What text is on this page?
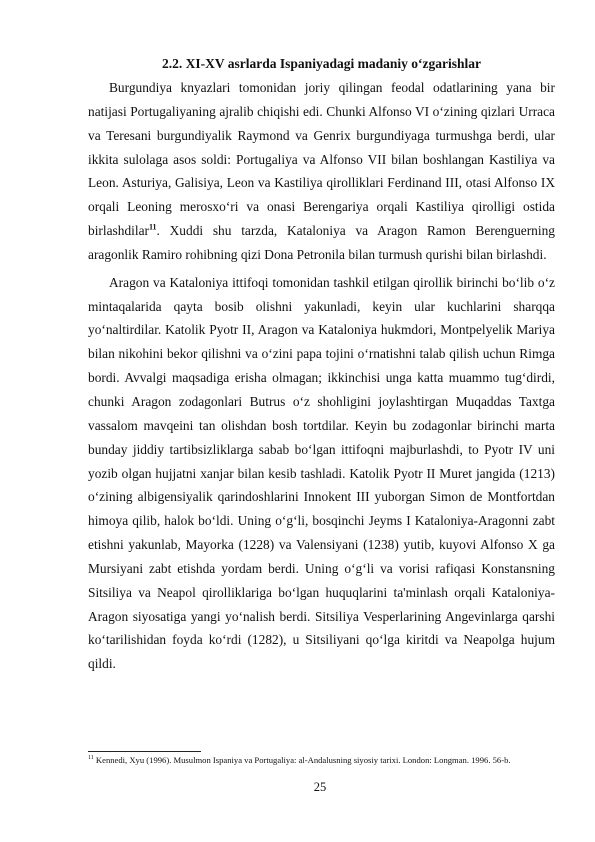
2.2. XI-XV asrlarda Ispaniyadagi madaniy o‘zgarishlar

Burgundiya knyazlari tomonidan joriy qilingan feodal odatlarining yana bir natijasi Portugaliyaning ajralib chiqishi edi. Chunki Alfonso VI o‘zining qizlari Urraca va Teresani burgundiyalik Raymond va Genrix burgundiyaga turmushga berdi, ular ikkita sulolaga asos soldi: Portugaliya va Alfonso VII bilan boshlangan Kastiliya va Leon. Asturiya, Galisiya, Leon va Kastiliya qirolliklari Ferdinand III, otasi Alfonso IX orqali Leoning merosxo‘ri va onasi Berengariya orqali Kastiliya qirolligi ostida birlashdilar$^{11}$. Xuddi shu tarzda, Kataloniya va Aragon Ramon Berenguerning aragonlik Ramiro rohibning qizi Dona Petronila bilan turmush qurishi bilan birlashdi.

Aragon va Kataloniya ittifoqi tomonidan tashkil etilgan qirollik birinchi bo‘lib o‘z mintaqalarida qayta bosib olishni yakunladi, keyin ular kuchlarini sharqqa yo‘naltirdilar. Katolik Pyotr II, Aragon va Kataloniya hukmdori, Montpelyelik Mariya bilan nikohini bekor qilishni va o‘zini papa tojini o‘rnatishni talab qilish uchun Rimga bordi. Avvalgi maqsadiga erisha olmagan; ikkinchisi unga katta muammo tug‘dirdi, chunki Aragon zodagonlari Butrus o‘z shohligini joylashtirgan Muqaddas Taxtga vassalom mavqeini tan olishdan bosh tortdilar. Keyin bu zodagonlar birinchi marta bunday jiddiy tartibsizliklarga sabab bo‘lgan ittifoqni majburlashdi, to Pyotr IV uni yozib olgan hujjatni xanjar bilan kesib tashladi. Katolik Pyotr II Muret jangida (1213) o‘zining albigensiyalik qarindoshlarini Innokent III yuborgan Simon de Montfortdan himoya qilib, halok bo‘ldi. Uning o‘g‘li, bosqinchi Jeyms I Kataloniya-Aragonni zabt etishni yakunlab, Mayorka (1228) va Valensiyani (1238) yutib, kuyovi Alfonso X ga Mursiyani zabt etishda yordam berdi. Uning o‘g‘li va vorisi rafiqasi Konstansning Sitsiliya va Neapol qirolliklariga bo‘lgan huquqlarini ta'minlash orqali Kataloniya-Aragon siyosatiga yangi yo‘nalish berdi. Sitsiliya Vesperlarining Angevinlarga qarshi ko‘tarilishidan foyda ko‘rdi (1282), u Sitsiliyani qo‘lga kiritdi va Neapolga hujum qildi.

$^{11}$ Kennedi, Xyu (1996). Musulmon Ispaniya va Portugaliya: al-Andalusning siyosiy tarixi. London: Longman. 1996. 56-b.
25
